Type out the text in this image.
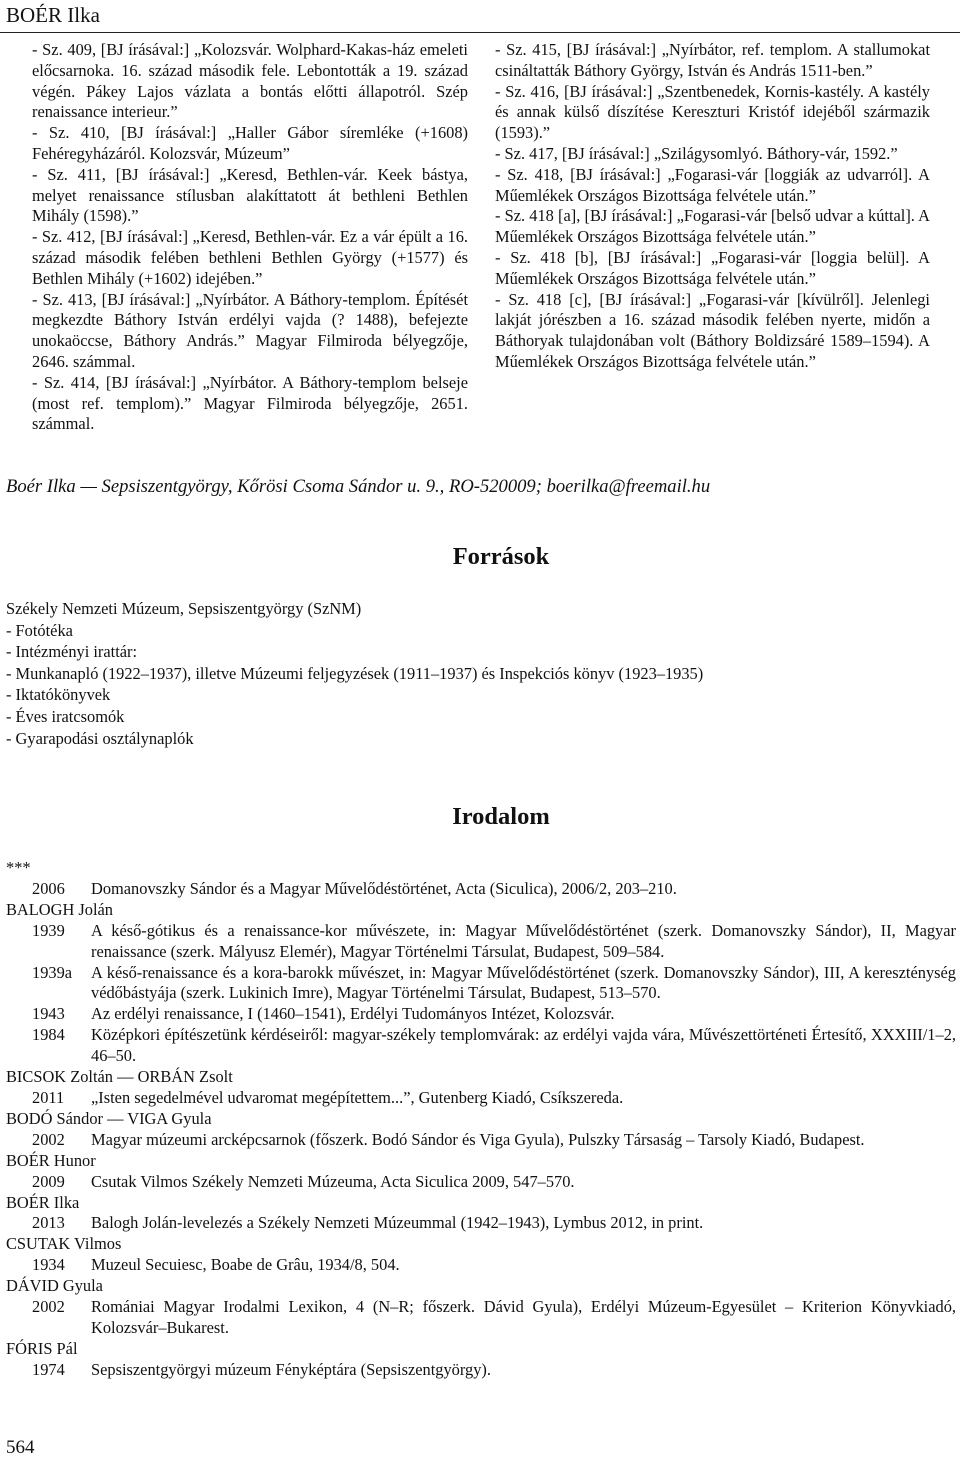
BOÉR Ilka

- Sz. 409, [BJ írásával:] „Kolozsvár. Wolphard-Kakas-ház emeleti előcsarnoka. 16. század második fele. Lebontották a 19. század végén. Pákey Lajos vázlata a bontás előtti állapotról. Szép renaissance interieur.”

- Sz. 410, [BJ írásával:] „Haller Gábor síremléke (+1608) Fehéregyházáról. Kolozsvár, Múzeum”

- Sz. 411, [BJ írásával:] „Keresd, Bethlen-vár. Keek bástya, melyet renaissance stílusban alakíttatott át bethleni Bethlen Mihály (1598).”

- Sz. 412, [BJ írásával:] „Keresd, Bethlen-vár. Ez a vár épült a 16. század második felében bethleni Bethlen György (+1577) és Bethlen Mihály (+1602) idejében.”

- Sz. 413, [BJ írásával:] „Nyírbátor. A Báthory-templom. Építését megkezdte Báthory István erdélyi vajda (? 1488), befejezte unokaöccse, Báthory András.” Magyar Filmiroda bélyegzője, 2646. számmal.

- Sz. 414, [BJ írásával:] „Nyírbátor. A Báthory-templom belseje (most ref. templom).” Magyar Filmiroda bélyegzője, 2651. számmal.

- Sz. 415, [BJ írásával:] „Nyírbátor, ref. templom. A stallumokat csináltatták Báthory György, István és András 1511-ben.”

- Sz. 416, [BJ írásával:] „Szentbenedek, Kornis-kastély. A kastély és annak külső díszítése Kereszturi Kristóf idejéből származik (1593).”

- Sz. 417, [BJ írásával:] „Szilágysomlyó. Báthory-vár, 1592.”

- Sz. 418, [BJ írásával:] „Fogarasi-vár [loggiák az udvarról]. A Műemlékek Országos Bizottsága felvétele után.”

- Sz. 418 [a], [BJ írásával:] „Fogarasi-vár [belső udvar a kúttal]. A Műemlékek Országos Bizottsága felvétele után.”

- Sz. 418 [b], [BJ írásával:] „Fogarasi-vár [loggia belül]. A Műemlékek Országos Bizottsága felvétele után.”

- Sz. 418 [c], [BJ írásával:] „Fogarasi-vár [kívülről]. Jelenlegi lakját jórészben a 16. század második felében nyerte, midőn a Báthoryak tulajdonában volt (Báthory Boldizsáré 1589–1594). A Műemlékek Országos Bizottsága felvétele után.”

Boér Ilka — Sepsiszentgyörgy, Kőrösi Csoma Sándor u. 9., RO-520009; boerilka@freemail.hu
Források
Székely Nemzeti Múzeum, Sepsiszentgyörgy (SzNM)
- Fotótéka
- Intézményi irattár:
- Munkanapló (1922–1937), illetve Múzeumi feljegyzések (1911–1937) és Inspekciós könyv (1923–1935)
- Iktatókönyvek
- Éves iratcsomók
- Gyarapodási osztálynaplók
Irodalom
***
2006	Domanovszky Sándor és a Magyar Művelődéstörténet, Acta (Siculica), 2006/2, 203–210.
BALOGH Jolán
1939	A késő-gótikus és a renaissance-kor művészete, in: Magyar Művelődéstörténet (szerk. Domanovszky Sándor), II, Magyar renaissance (szerk. Mályusz Elemér), Magyar Történelmi Társulat, Budapest, 509–584.
1939a	A késő-renaissance és a kora-barokk művészet, in: Magyar Művelődéstörténet (szerk. Domanovszky Sándor), III, A kereszténység védőbástyája (szerk. Lukinich Imre), Magyar Történelmi Társulat, Budapest, 513–570.
1943	Az erdélyi renaissance, I (1460–1541), Erdélyi Tudományos Intézet, Kolozsvár.
1984	Középkori építészetünk kérdéseiről: magyar-székely templomvárak: az erdélyi vajda vára, Művészettörténeti Értesítő, XXXIII/1–2, 46–50.
BICSOK Zoltán — ORBÁN Zsolt
2011	„Isten segedelmével udvaromat megépítettem...”, Gutenberg Kiadó, Csíkszereda.
BODÓ Sándor — VIGA Gyula
2002	Magyar múzeumi arcképcsarnok (főszerk. Bodó Sándor és Viga Gyula), Pulszky Társaság – Tarsoly Kiadó, Budapest.
BOÉR Hunor
2009	Csutak Vilmos Székely Nemzeti Múzeuma, Acta Siculica 2009, 547–570.
BOÉR Ilka
2013	Balogh Jolán-levelezés a Székely Nemzeti Múzeummal (1942–1943), Lymbus 2012, in print.
CSUTAK Vilmos
1934	Muzeul Secuiesc, Boabe de Grâu, 1934/8, 504.
DÁVID Gyula
2002	Romániai Magyar Irodalmi Lexikon, 4 (N–R; főszerk. Dávid Gyula), Erdélyi Múzeum-Egyesület – Kriterion Könyvkiadó, Kolozsvár–Bukarest.
FÓRIS Pál
1974	Sepsiszentgyörgyi múzeum Fényképtára (Sepsiszentgyörgy).
564
